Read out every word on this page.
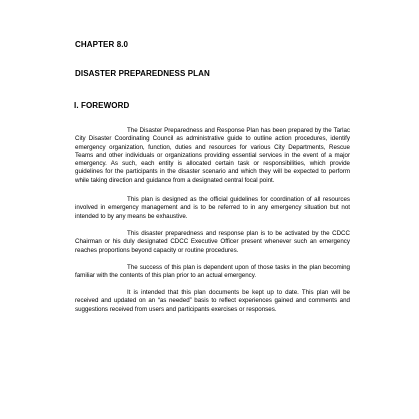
CHAPTER 8.0
DISASTER PREPAREDNESS PLAN
I. FOREWORD

The Disaster Preparedness and Response Plan has been prepared by the Tarlac City Disaster Coordinating Council as administrative guide to outline action procedures, identify emergency organization, function, duties and resources for various City Departments, Rescue Teams and other individuals or organizations providing essential services in the event of a major emergency. As such, each entity is allocated certain task or responsibilities, which provide guidelines for the participants in the disaster scenario and which they will be expected to perform while taking direction and guidance from a designated central focal point.

This plan is designed as the official guidelines for coordination of all resources involved in emergency management and is to be referred to in any emergency situation but not intended to by any means be exhaustive.

This disaster preparedness and response plan is to be activated by the CDCC Chairman or his duly designated CDCC Executive Officer present whenever such an emergency reaches proportions beyond capacity or routine procedures.

The success of this plan is dependent upon of those tasks in the plan becoming familiar with the contents of this plan prior to an actual emergency.

It is intended that this plan documents be kept up to date. This plan will be received and updated on an “as needed” basis to reflect experiences gained and comments and suggestions received from users and participants exercises or responses.
